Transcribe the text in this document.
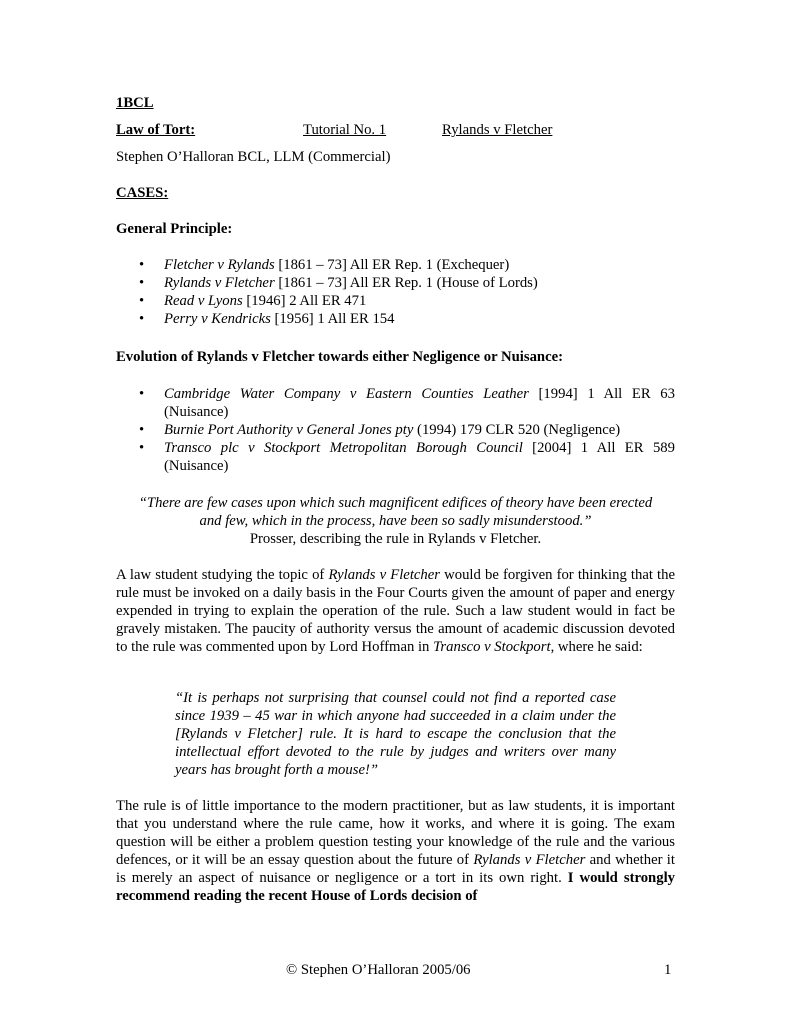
1BCL
Law of Tort:	Tutorial No. 1	Rylands v Fletcher
Stephen O’Halloran BCL, LLM (Commercial)
CASES:
General Principle:
• Fletcher v Rylands [1861 – 73] All ER Rep. 1 (Exchequer)
• Rylands v Fletcher [1861 – 73] All ER Rep. 1 (House of Lords)
• Read v Lyons [1946] 2 All ER 471
• Perry v Kendricks [1956] 1 All ER 154
Evolution of Rylands v Fletcher towards either Negligence or Nuisance:
• Cambridge Water Company v Eastern Counties Leather [1994] 1 All ER 63 (Nuisance)
• Burnie Port Authority v General Jones pty (1994) 179 CLR 520 (Negligence)
• Transco plc v Stockport Metropolitan Borough Council [2004] 1 All ER 589 (Nuisance)
“There are few cases upon which such magnificent edifices of theory have been erected
and few, which in the process, have been so sadly misunderstood.”
Prosser, describing the rule in Rylands v Fletcher.
A law student studying the topic of Rylands v Fletcher would be forgiven for thinking that the rule must be invoked on a daily basis in the Four Courts given the amount of paper and energy expended in trying to explain the operation of the rule. Such a law student would in fact be gravely mistaken. The paucity of authority versus the amount of academic discussion devoted to the rule was commented upon by Lord Hoffman in Transco v Stockport, where he said:
“It is perhaps not surprising that counsel could not find a reported case since 1939 – 45 war in which anyone had succeeded in a claim under the [Rylands v Fletcher] rule. It is hard to escape the conclusion that the intellectual effort devoted to the rule by judges and writers over many years has brought forth a mouse!”
The rule is of little importance to the modern practitioner, but as law students, it is important that you understand where the rule came, how it works, and where it is going. The exam question will be either a problem question testing your knowledge of the rule and the various defences, or it will be an essay question about the future of Rylands v Fletcher and whether it is merely an aspect of nuisance or negligence or a tort in its own right. I would strongly recommend reading the recent House of Lords decision of
© Stephen O’Halloran 2005/06	1
